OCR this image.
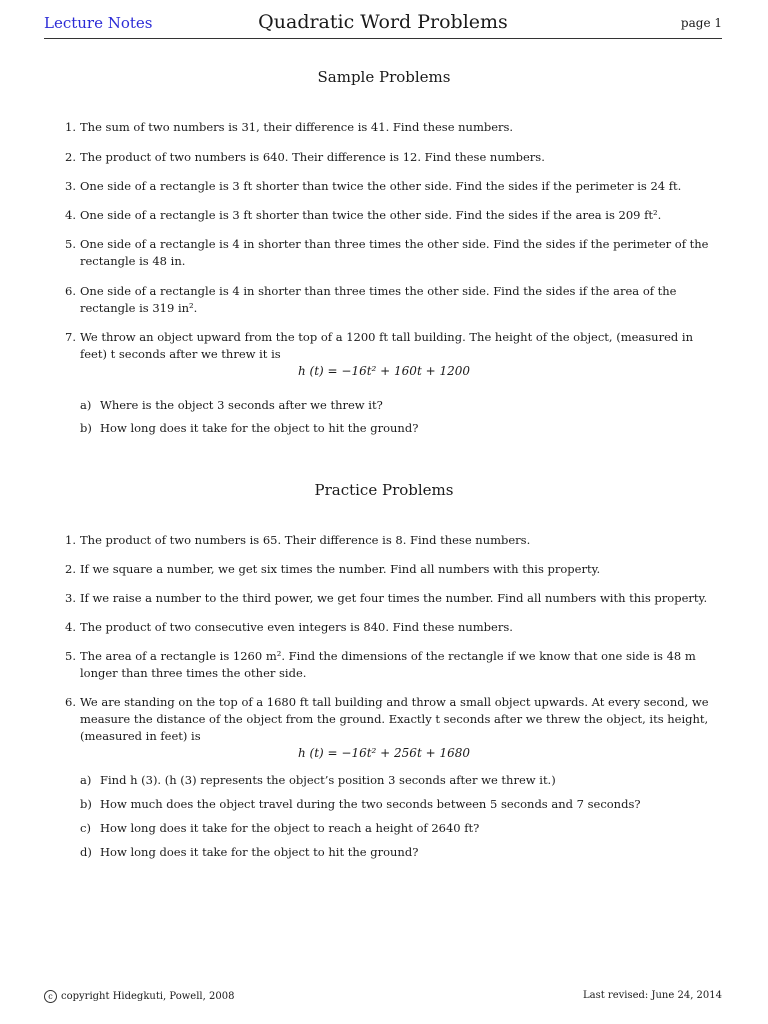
Lecture Notes	Quadratic Word Problems	page 1
Sample Problems
1. The sum of two numbers is 31, their difference is 41. Find these numbers.
2. The product of two numbers is 640. Their difference is 12. Find these numbers.
3. One side of a rectangle is 3 ft shorter than twice the other side. Find the sides if the perimeter is 24 ft.
4. One side of a rectangle is 3 ft shorter than twice the other side. Find the sides if the area is 209 ft².
5. One side of a rectangle is 4 in shorter than three times the other side. Find the sides if the perimeter of the rectangle is 48 in.
6. One side of a rectangle is 4 in shorter than three times the other side. Find the sides if the area of the rectangle is 319 in².
7. We throw an object upward from the top of a 1200 ft tall building. The height of the object, (measured in feet) t seconds after we threw it is
h (t) = −16t² + 160t + 1200
a) Where is the object 3 seconds after we threw it?
b) How long does it take for the object to hit the ground?
Practice Problems
1. The product of two numbers is 65. Their difference is 8. Find these numbers.
2. If we square a number, we get six times the number. Find all numbers with this property.
3. If we raise a number to the third power, we get four times the number. Find all numbers with this property.
4. The product of two consecutive even integers is 840. Find these numbers.
5. The area of a rectangle is 1260 m². Find the dimensions of the rectangle if we know that one side is 48 m longer than three times the other side.
6. We are standing on the top of a 1680 ft tall building and throw a small object upwards. At every second, we measure the distance of the object from the ground. Exactly t seconds after we threw the object, its height, (measured in feet) is
h (t) = −16t² + 256t + 1680
a) Find h (3). (h (3) represents the object’s position 3 seconds after we threw it.)
b) How much does the object travel during the two seconds between 5 seconds and 7 seconds?
c) How long does it take for the object to reach a height of 2640 ft?
d) How long does it take for the object to hit the ground?
c copyright Hidegkuti, Powell, 2008	Last revised: June 24, 2014
